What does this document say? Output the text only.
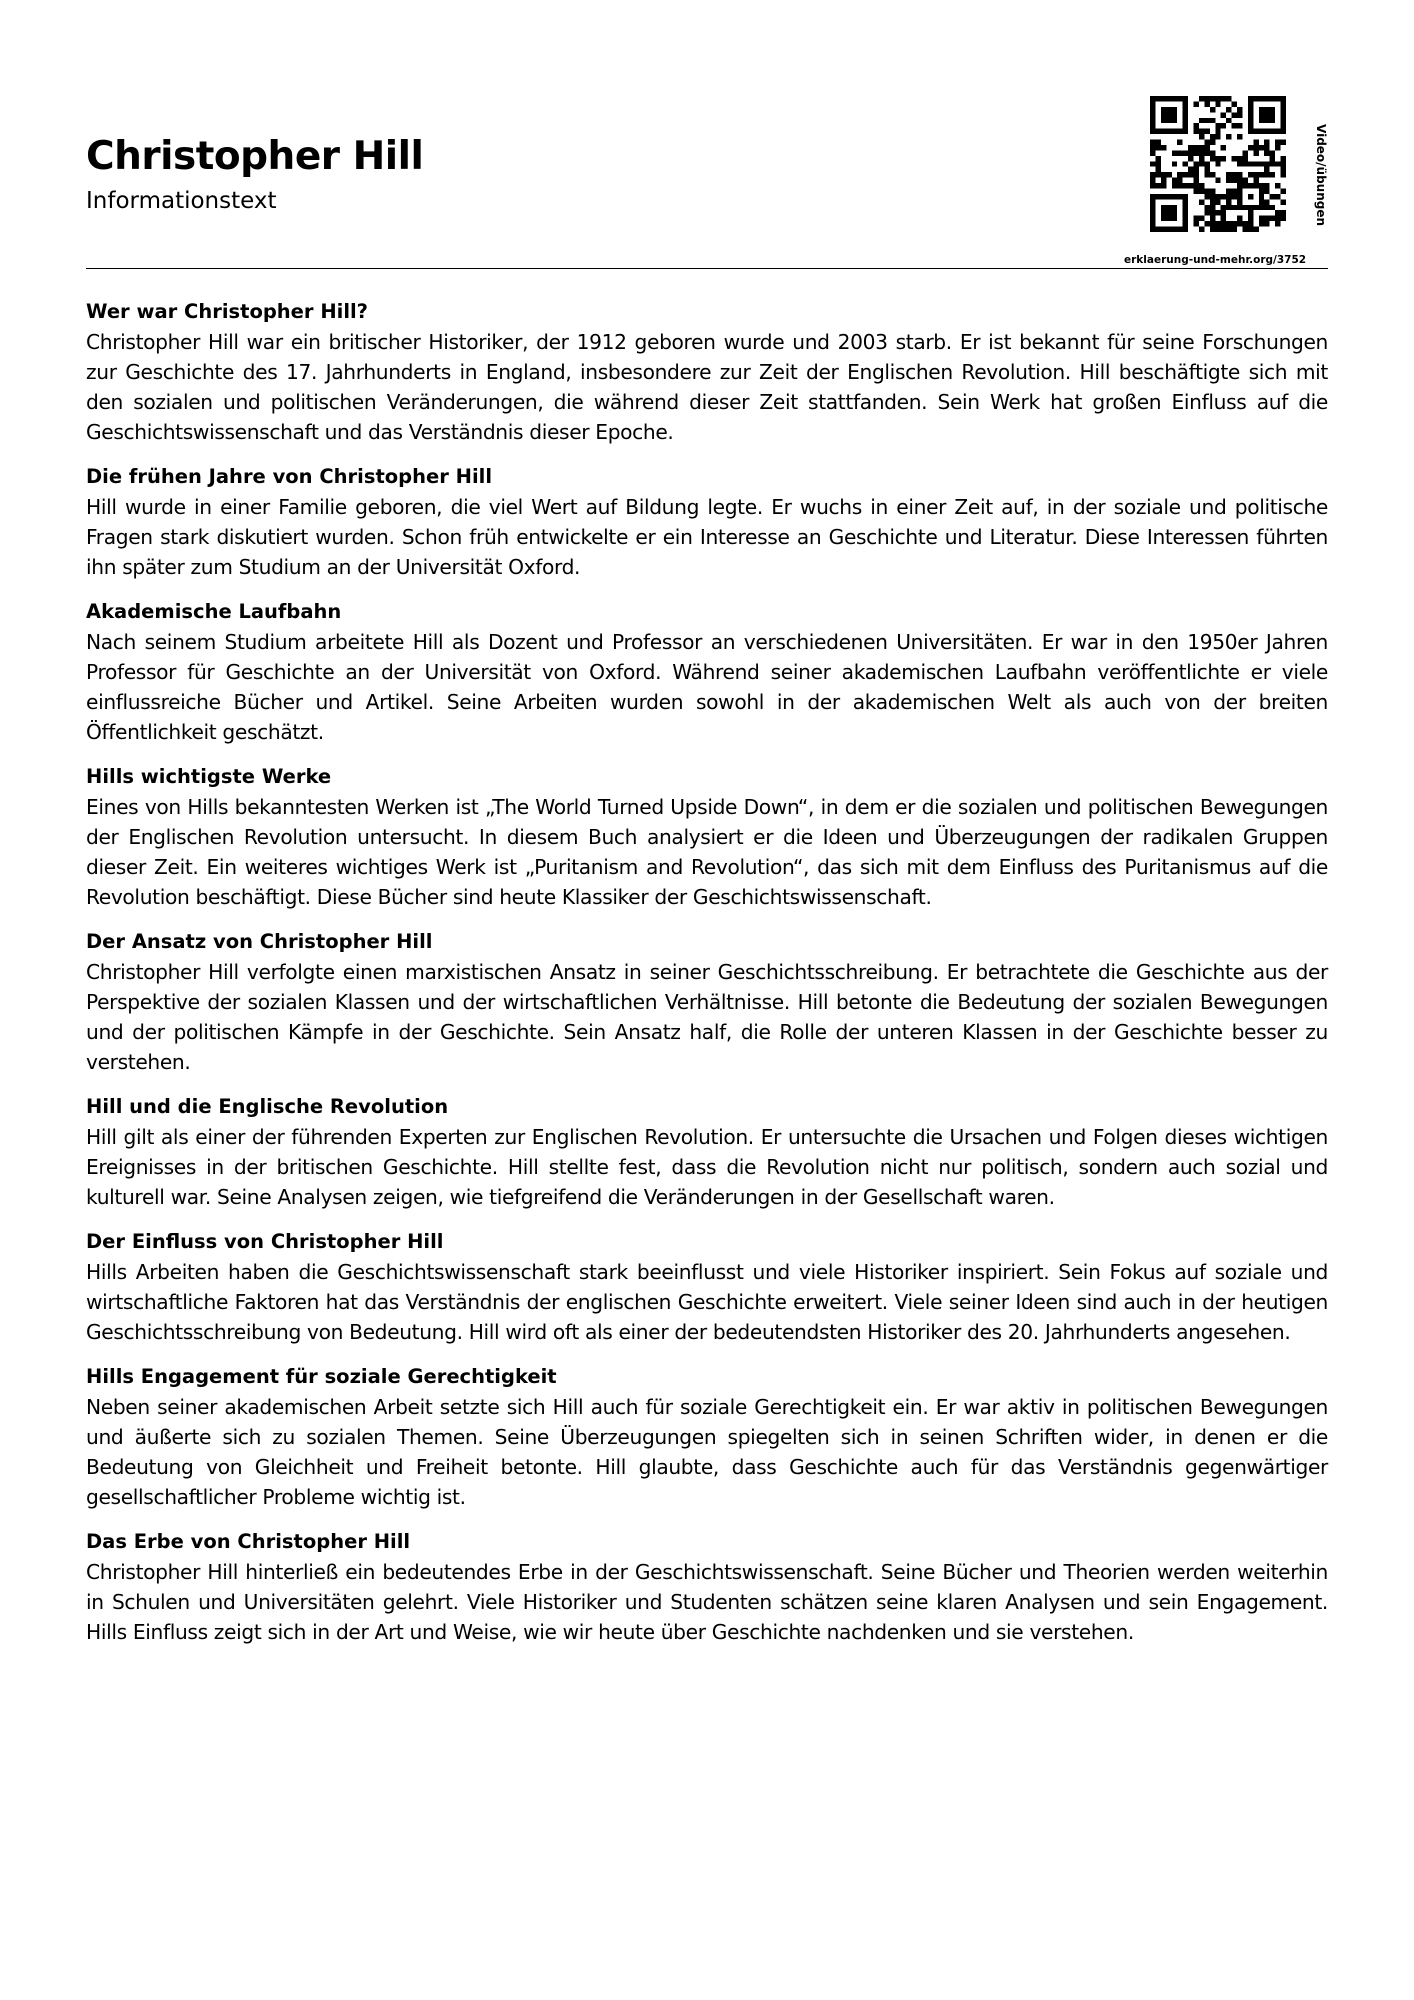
Christopher Hill
Informationstext	Video/übungen
erklaerung-und-mehr.org/3752
Wer war Christopher Hill?

Christopher Hill war ein britischer Historiker, der 1912 geboren wurde und 2003 starb. Er ist bekannt für seine Forschungen zur Geschichte des 17. Jahrhunderts in England, insbesondere zur Zeit der Englischen Revolution. Hill beschäftigte sich mit den sozialen und politischen Veränderungen, die während dieser Zeit stattfanden. Sein Werk hat großen Einfluss auf die Geschichtswissenschaft und das Verständnis dieser Epoche.

Die frühen Jahre von Christopher Hill

Hill wurde in einer Familie geboren, die viel Wert auf Bildung legte. Er wuchs in einer Zeit auf, in der soziale und politische Fragen stark diskutiert wurden. Schon früh entwickelte er ein Interesse an Geschichte und Literatur. Diese Interessen führten ihn später zum Studium an der Universität Oxford.

Akademische Laufbahn

Nach seinem Studium arbeitete Hill als Dozent und Professor an verschiedenen Universitäten. Er war in den 1950er Jahren Professor für Geschichte an der Universität von Oxford. Während seiner akademischen Laufbahn veröffentlichte er viele einflussreiche Bücher und Artikel. Seine Arbeiten wurden sowohl in der akademischen Welt als auch von der breiten Öffentlichkeit geschätzt.

Hills wichtigste Werke

Eines von Hills bekanntesten Werken ist „The World Turned Upside Down“, in dem er die sozialen und politischen Bewegungen der Englischen Revolution untersucht. In diesem Buch analysiert er die Ideen und Überzeugungen der radikalen Gruppen dieser Zeit. Ein weiteres wichtiges Werk ist „Puritanism and Revolution“, das sich mit dem Einfluss des Puritanismus auf die Revolution beschäftigt. Diese Bücher sind heute Klassiker der Geschichtswissenschaft.

Der Ansatz von Christopher Hill

Christopher Hill verfolgte einen marxistischen Ansatz in seiner Geschichtsschreibung. Er betrachtete die Geschichte aus der Perspektive der sozialen Klassen und der wirtschaftlichen Verhältnisse. Hill betonte die Bedeutung der sozialen Bewegungen und der politischen Kämpfe in der Geschichte. Sein Ansatz half, die Rolle der unteren Klassen in der Geschichte besser zu verstehen.

Hill und die Englische Revolution

Hill gilt als einer der führenden Experten zur Englischen Revolution. Er untersuchte die Ursachen und Folgen dieses wichtigen Ereignisses in der britischen Geschichte. Hill stellte fest, dass die Revolution nicht nur politisch, sondern auch sozial und kulturell war. Seine Analysen zeigen, wie tiefgreifend die Veränderungen in der Gesellschaft waren.

Der Einfluss von Christopher Hill

Hills Arbeiten haben die Geschichtswissenschaft stark beeinflusst und viele Historiker inspiriert. Sein Fokus auf soziale und wirtschaftliche Faktoren hat das Verständnis der englischen Geschichte erweitert. Viele seiner Ideen sind auch in der heutigen Geschichtsschreibung von Bedeutung. Hill wird oft als einer der bedeutendsten Historiker des 20. Jahrhunderts angesehen.

Hills Engagement für soziale Gerechtigkeit

Neben seiner akademischen Arbeit setzte sich Hill auch für soziale Gerechtigkeit ein. Er war aktiv in politischen Bewegungen und äußerte sich zu sozialen Themen. Seine Überzeugungen spiegelten sich in seinen Schriften wider, in denen er die Bedeutung von Gleichheit und Freiheit betonte. Hill glaubte, dass Geschichte auch für das Verständnis gegenwärtiger gesellschaftlicher Probleme wichtig ist.

Das Erbe von Christopher Hill

Christopher Hill hinterließ ein bedeutendes Erbe in der Geschichtswissenschaft. Seine Bücher und Theorien werden weiterhin in Schulen und Universitäten gelehrt. Viele Historiker und Studenten schätzen seine klaren Analysen und sein Engagement. Hills Einfluss zeigt sich in der Art und Weise, wie wir heute über Geschichte nachdenken und sie verstehen.
